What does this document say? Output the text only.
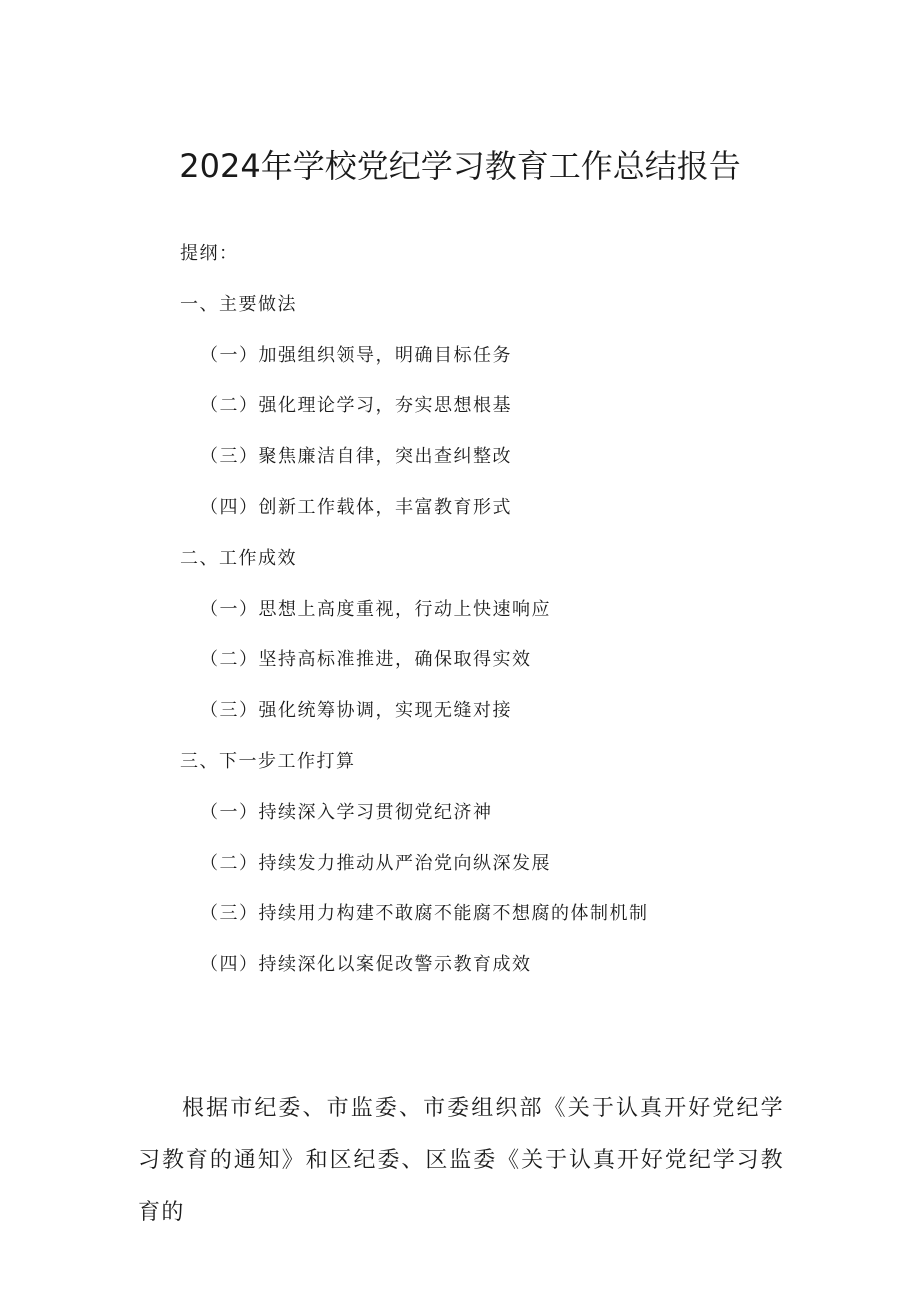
2024年学校党纪学习教育工作总结报告
提纲：
一、主要做法
（一）加强组织领导，明确目标任务
（二）强化理论学习，夯实思想根基
（三）聚焦廉洁自律，突出查纠整改
（四）创新工作载体，丰富教育形式
二、工作成效
（一）思想上高度重视，行动上快速响应
（二）坚持高标准推进，确保取得实效
（三）强化统筹协调，实现无缝对接
三、下一步工作打算
（一）持续深入学习贯彻党纪济神
（二）持续发力推动从严治党向纵深发展
（三）持续用力构建不敢腐不能腐不想腐的体制机制
（四）持续深化以案促改警示教育成效

根据市纪委、市监委、市委组织部《关于认真开好党纪学习教育的通知》和区纪委、区监委《关于认真开好党纪学习教育的
